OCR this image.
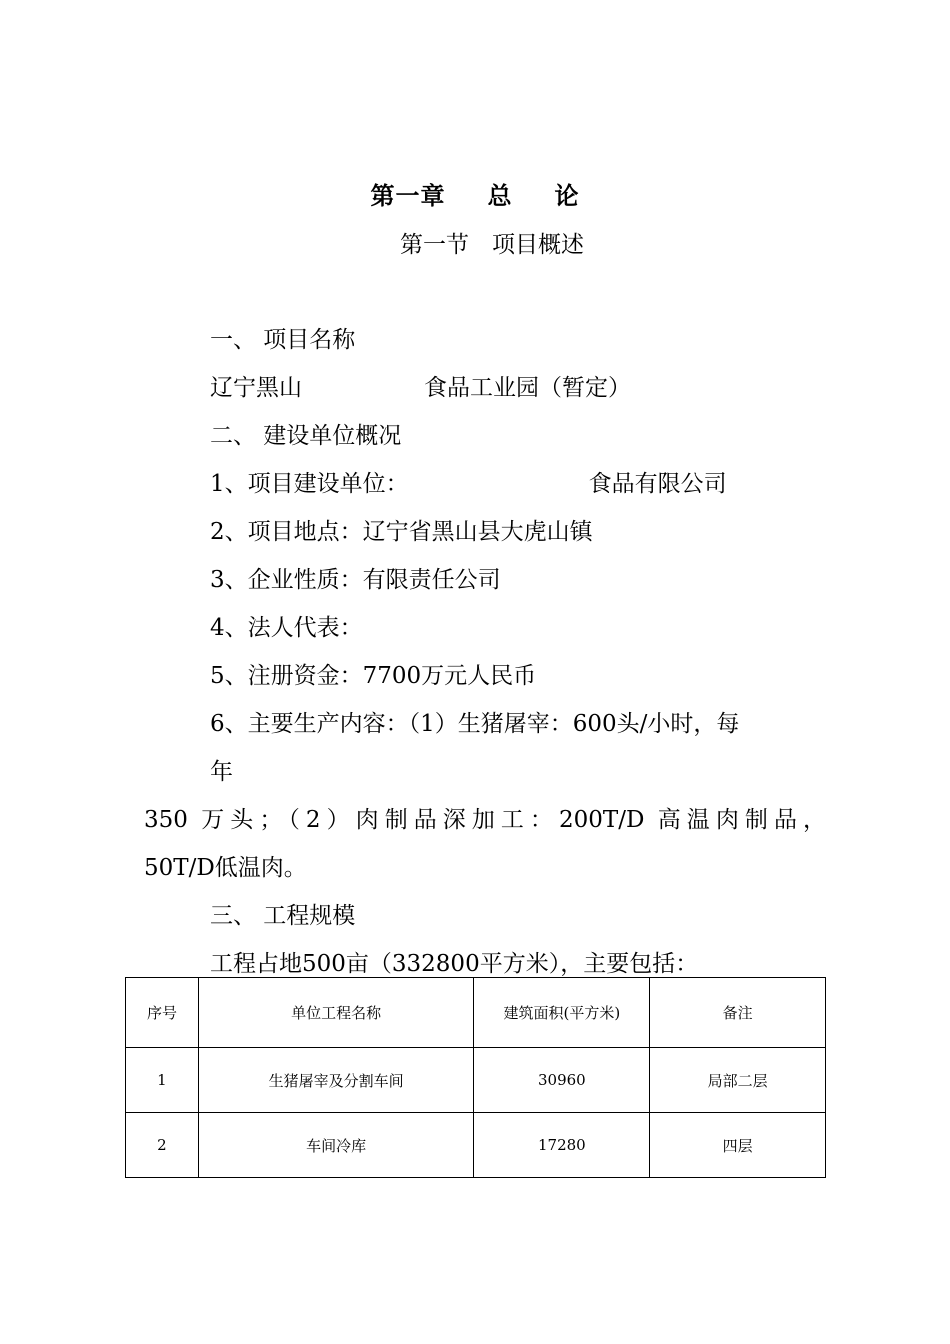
第一章 总 论
第一节　项目概述
一、 项目名称
辽宁黑山	食品工业园（暂定）
二、 建设单位概况
1、项目建设单位：	食品有限公司
2、项目地点：辽宁省黑山县大虎山镇
3、企业性质：有限责任公司
4、法人代表：
5、注册资金：7700万元人民币
6、主要生产内容：（1）生猪屠宰：600头/小时，每
年
350 万头；（2）肉制品深加工：200T/D 高温肉制品，
50T/D低温肉。
三、 工程规模
工程占地500亩（332800平方米），主要包括：
序号	单位工程名称	建筑面积(平方米)	备注
1	生猪屠宰及分割车间	30960	局部二层
2	车间冷库	17280	四层
